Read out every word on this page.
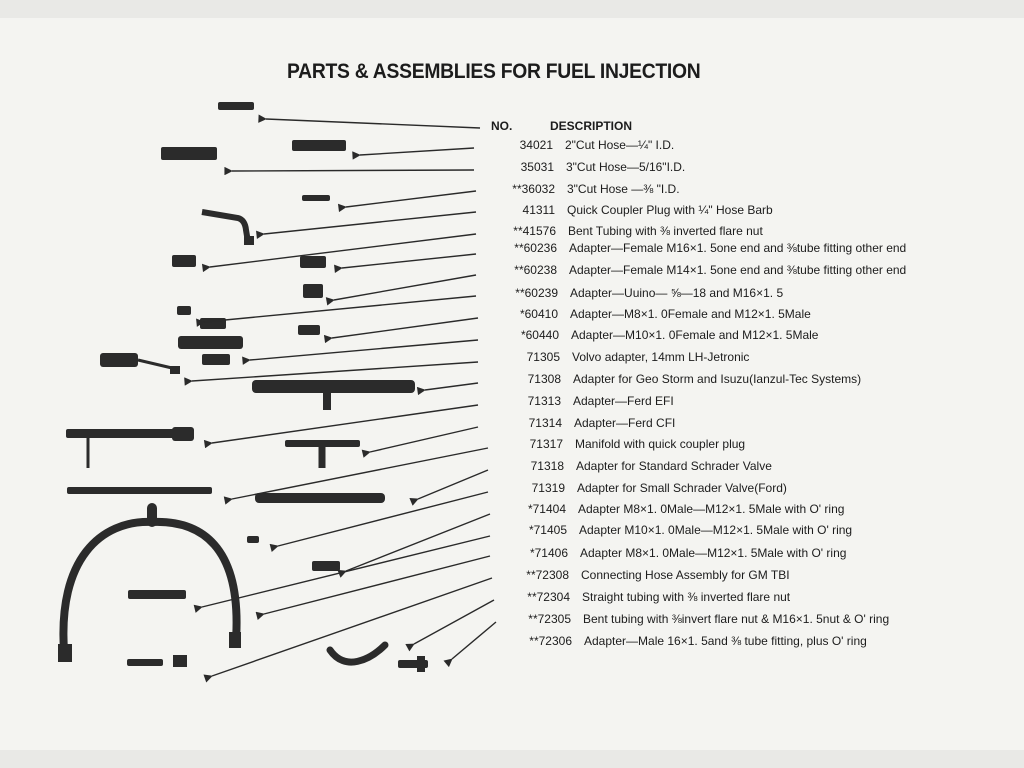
PARTS & ASSEMBLIES FOR FUEL INJECTION
NO.	DESCRIPTION
34021 2"Cut Hose—¼" I.D.
35031 3"Cut Hose—5/16"I.D.
**36032 3"Cut Hose —⅜ "I.D.
41311 Quick Coupler Plug with ¼" Hose Barb
**41576 Bent Tubing with ⅜ inverted flare nut
**60236 Adapter—Female M16×1. 5one end and ⅜tube fitting other end
**60238 Adapter—Female M14×1. 5one end and ⅜tube fitting other end
**60239 Adapter—Uuino— ⅝—18 and M16×1. 5
*60410 Adapter—M8×1. 0Female and M12×1. 5Male
*60440 Adapter—M10×1. 0Female and M12×1. 5Male
71305 Volvo adapter, 14mm LH-Jetronic
71308 Adapter for Geo Storm and Isuzu(Ianzul-Tec Systems)
71313 Adapter—Ferd EFI
71314 Adapter—Ferd CFI
71317 Manifold with quick coupler plug
71318 Adapter for Standard Schrader Valve
71319 Adapter for Small Schrader Valve(Ford)
*71404 Adapter M8×1. 0Male—M12×1. 5Male with O' ring
*71405 Adapter M10×1. 0Male—M12×1. 5Male with O' ring
*71406 Adapter M8×1. 0Male—M12×1. 5Male with O' ring
**72308 Connecting Hose Assembly for GM TBI
**72304 Straight tubing with ⅜ inverted flare nut
**72305 Bent tubing with ⅜invert flare nut & M16×1. 5nut & O' ring
**72306 Adapter—Male 16×1. 5and ⅜ tube fitting, plus O' ring
